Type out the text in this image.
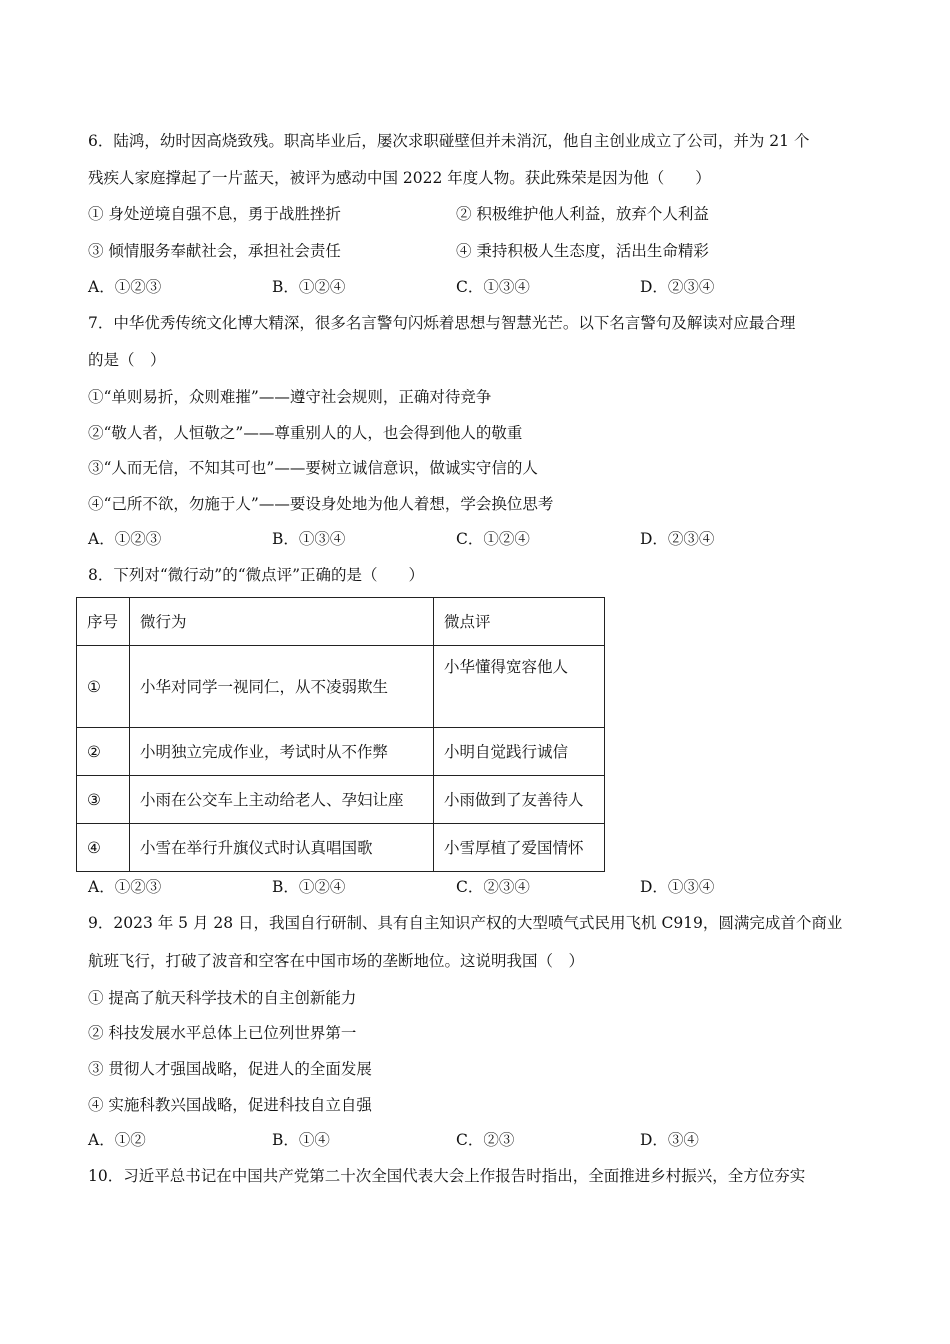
6．陆鸿，幼时因高烧致残。职高毕业后，屡次求职碰壁但并未消沉，他自主创业成立了公司，并为 21 个
残疾人家庭撑起了一片蓝天，被评为感动中国 2022 年度人物。获此殊荣是因为他（　　）
① 身处逆境自强不息，勇于战胜挫折	② 积极维护他人利益，放弃个人利益
③ 倾情服务奉献社会，承担社会责任	④ 秉持积极人生态度，活出生命精彩
A．①②③	B．①②④	C．①③④	D．②③④
7．中华优秀传统文化博大精深，很多名言警句闪烁着思想与智慧光芒。以下名言警句及解读对应最合理
的是（　）
①“单则易折，众则难摧”——遵守社会规则，正确对待竞争
②“敬人者，人恒敬之”——尊重别人的人，也会得到他人的敬重
③“人而无信，不知其可也”——要树立诚信意识，做诚实守信的人
④“己所不欲，勿施于人”——要设身处地为他人着想，学会换位思考
A．①②③	B．①③④	C．①②④	D．②③④
8．下列对“微行动”的“微点评”正确的是（　　）
序号	微行为	微点评
①	小华对同学一视同仁，从不凌弱欺生	小华懂得宽容他人
②	小明独立完成作业，考试时从不作弊	小明自觉践行诚信
③	小雨在公交车上主动给老人、孕妇让座	小雨做到了友善待人
④	小雪在举行升旗仪式时认真唱国歌	小雪厚植了爱国情怀
A．①②③	B．①②④	C．②③④	D．①③④
9．2023 年 5 月 28 日，我国自行研制、具有自主知识产权的大型喷气式民用飞机 C919，圆满完成首个商业
航班飞行，打破了波音和空客在中国市场的垄断地位。这说明我国（　）
① 提高了航天科学技术的自主创新能力
② 科技发展水平总体上已位列世界第一
③ 贯彻人才强国战略，促进人的全面发展
④ 实施科教兴国战略，促进科技自立自强
A．①②	B．①④	C．②③	D．③④
10．习近平总书记在中国共产党第二十次全国代表大会上作报告时指出，全面推进乡村振兴，全方位夯实
